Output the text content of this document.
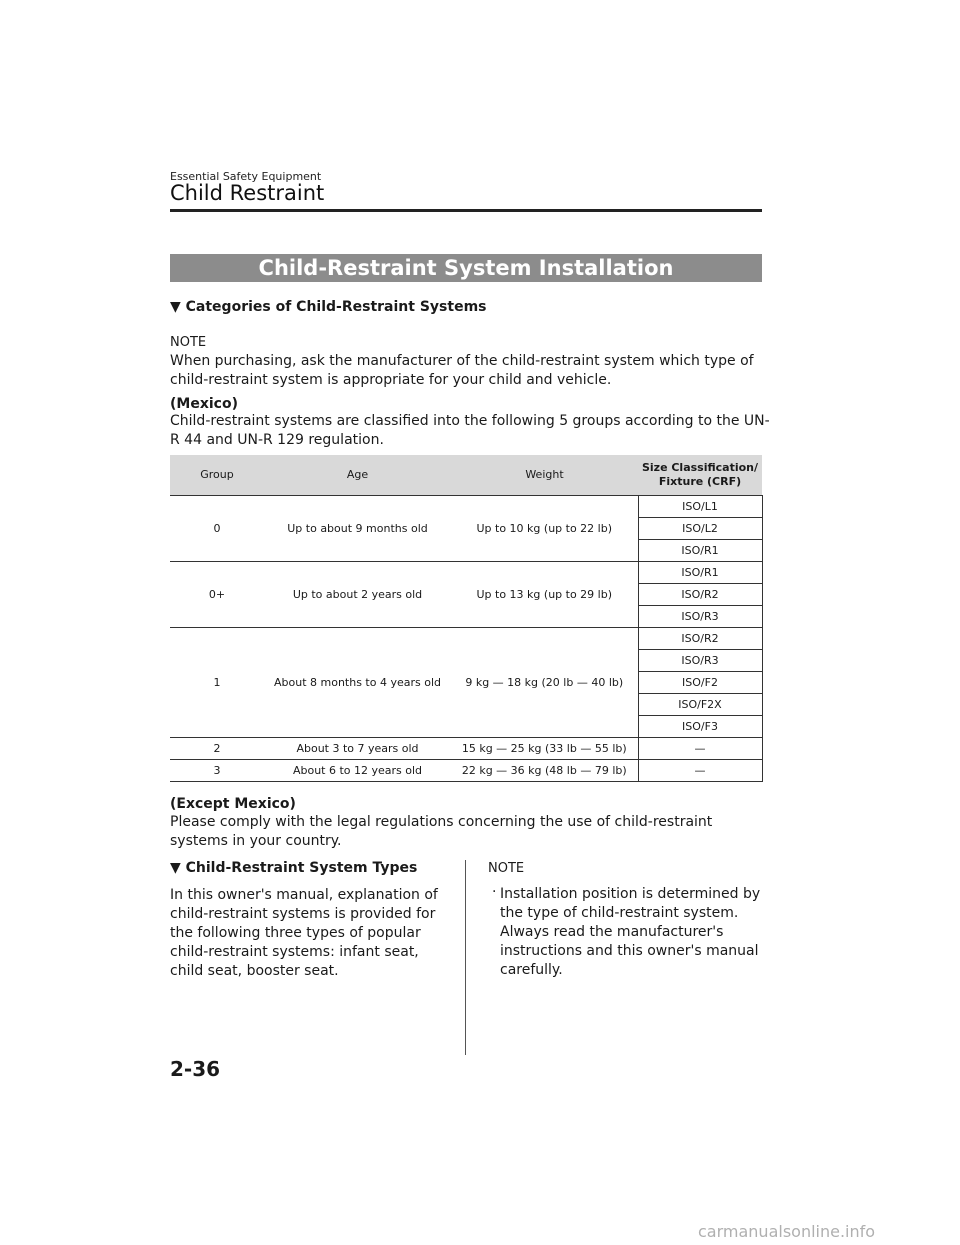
Essential Safety Equipment
Child Restraint
Child-Restraint System Installation
▼ Categories of Child-Restraint Systems
NOTE
When purchasing, ask the manufacturer of the child-restraint system which type of child-restraint system is appropriate for your child and vehicle.
(Mexico)
Child-restraint systems are classified into the following 5 groups according to the UN-R 44 and UN-R 129 regulation.
Group	Age	Weight	Size Classification/
Fixture (CRF)
0	Up to about 9 months old	Up to 10 kg (up to 22 lb)	ISO/L1
			ISO/L2
			ISO/R1
0+	Up to about 2 years old	Up to 13 kg (up to 29 lb)	ISO/R1
			ISO/R2
			ISO/R3
1	About 8 months to 4 years old	9 kg — 18 kg (20 lb — 40 lb)	ISO/R2
			ISO/R3
			ISO/F2
			ISO/F2X
			ISO/F3
2	About 3 to 7 years old	15 kg — 25 kg (33 lb — 55 lb)	—
3	About 6 to 12 years old	22 kg — 36 kg (48 lb — 79 lb)	—
(Except Mexico)
Please comply with the legal regulations concerning the use of child-restraint systems in your country.
▼ Child-Restraint System Types
In this owner's manual, explanation of child-restraint systems is provided for the following three types of popular child-restraint systems: infant seat, child seat, booster seat.
NOTE
· Installation position is determined by the type of child-restraint system. Always read the manufacturer's instructions and this owner's manual carefully.
2-36
carmanualsonline.info
